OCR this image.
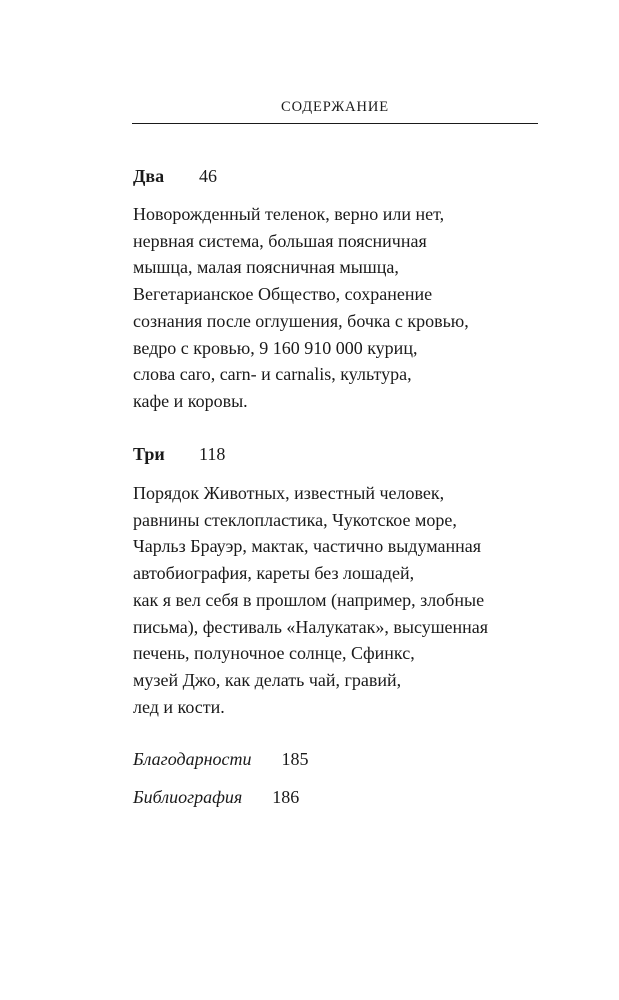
СОДЕРЖАНИЕ
Два 46

Новорожденный теленок, верно или нет,
нервная система, большая поясничная
мышца, малая поясничная мышца,
Вегетарианское Общество, сохранение
сознания после оглушения, бочка с кровью,
ведро с кровью, 9 160 910 000 куриц,
слова caro, carn- и carnalis, культура,
кафе и коровы.

Три 118

Порядок Животных, известный человек,
равнины стеклопластика, Чукотское море,
Чарльз Брауэр, мактак, частично выдуманная
автобиография, кареты без лошадей,
как я вел себя в прошлом (например, злобные
письма), фестиваль «Налукатак», высушенная
печень, полуночное солнце, Сфинкс,
музей Джо, как делать чай, гравий,
лед и кости.

Благодарности 185
Библиография 186
